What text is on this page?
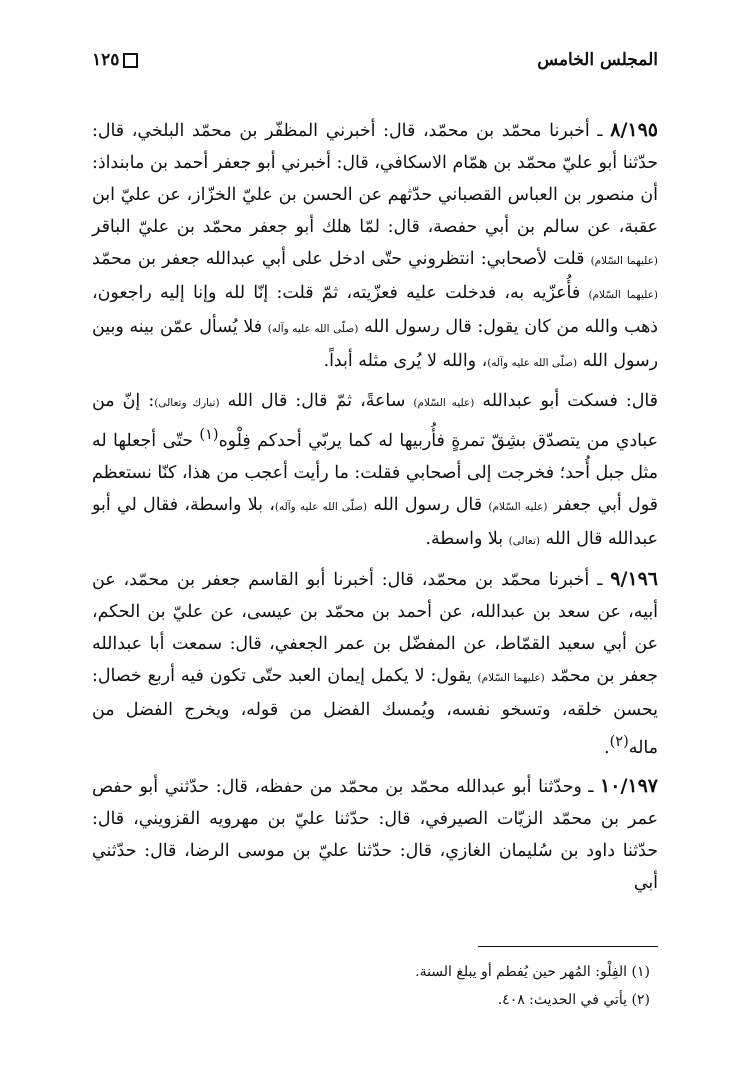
١٢٥	المجلس الخامس

٨/١٩٥ ـ أخبرنا محمّد بن محمّد، قال: أخبرني المظفّر بن محمّد البلخي، قال: حدّثنا أبو عليّ محمّد بن همّام الاسكافي، قال: أخبرني أبو جعفر أحمد بن مابنداذ: أن منصور بن العباس القصباني حدّثهم عن الحسن بن عليّ الخزّاز، عن عليّ ابن عقبة، عن سالم بن أبي حفصة، قال: لمّا هلك أبو جعفر محمّد بن عليّ الباقر (عليهما السّلام) قلت لأصحابي: انتظروني حتّى ادخل على أبي عبدالله جعفر بن محمّد (عليهما السّلام) فأُعزّيه به، فدخلت عليه فعزّيته، ثمّ قلت: إنّا لله وإنا إليه راجعون، ذهب والله من كان يقول: قال رسول الله (صلّى الله عليه وآله) فلا يُسأل عمّن بينه وبين رسول الله (صلّى الله عليه وآله)، والله لا يُرى مثله أبداً.

قال: فسكت أبو عبدالله (عليه السّلام) ساعةً، ثمّ قال: قال الله (تبارك وتعالى): إنّ من عبادي من يتصدّق بشِقّ تمرةٍ فأُربيها له كما يربّي أحدكم فِلْوه$^{(١)}$ حتّى أجعلها له مثل جبل أُحد؛ فخرجت إلى أصحابي فقلت: ما رأيت أعجب من هذا، كنّا نستعظم قول أبي جعفر (عليه السّلام) قال رسول الله (صلّى الله عليه وآله)، بلا واسطة، فقال لي أبو عبدالله قال الله (تعالى) بلا واسطة.

٩/١٩٦ ـ أخبرنا محمّد بن محمّد، قال: أخبرنا أبو القاسم جعفر بن محمّد، عن أبيه، عن سعد بن عبدالله، عن أحمد بن محمّد بن عيسى، عن عليّ بن الحكم، عن أبي سعيد القمّاط، عن المفضّل بن عمر الجعفي، قال: سمعت أبا عبدالله جعفر بن محمّد (عليهما السّلام) يقول: لا يكمل إيمان العبد حتّى تكون فيه أربع خصال: يحسن خلقه، وتسخو نفسه، ويُمسك الفضل من قوله، ويخرج الفضل من ماله$^{(٢)}$.

١٠/١٩٧ ـ وحدّثنا أبو عبدالله محمّد بن محمّد من حفظه، قال: حدّثني أبو حفص عمر بن محمّد الزيّات الصيرفي، قال: حدّثنا عليّ بن مهرويه القزويني، قال: حدّثنا داود بن سُليمان الغازي، قال: حدّثنا عليّ بن موسى الرضا، قال: حدّثني أبي

(١) الفِلْو: المُهر حين يُفطم أو يبلغ السنة.

(٢) يأتي في الحديث: ٤٠٨.
